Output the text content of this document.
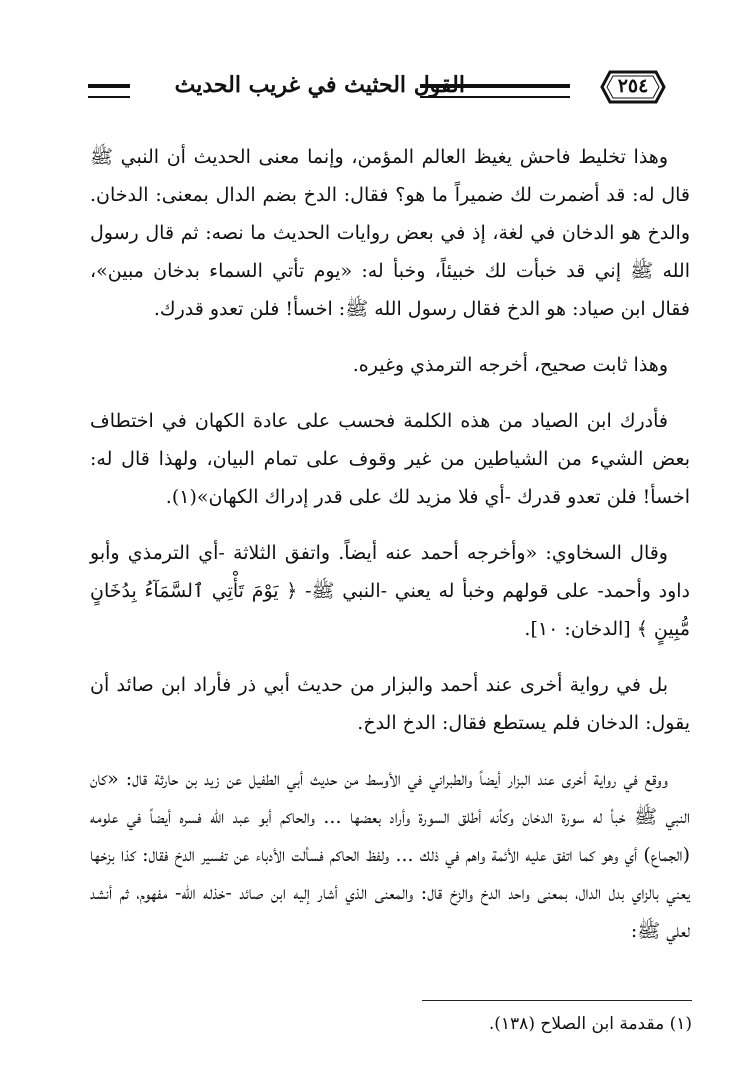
القول الحثيث في غريب الحديث	٢٥٤

وهذا تخليط فاحش يغيظ العالم المؤمن، وإنما معنى الحديث أن النبي ﷺ قال له: قد أضمرت لك ضميراً ما هو؟ فقال: الدخ بضم الدال بمعنى: الدخان. والدخ هو الدخان في لغة، إذ في بعض روايات الحديث ما نصه: ثم قال رسول الله ﷺ إني قد خبأت لك خبيئاً، وخبأ له: «يوم تأتي السماء بدخان مبين»، فقال ابن صياد: هو الدخ فقال رسول الله ﷺ: اخسأ! فلن تعدو قدرك.

وهذا ثابت صحيح، أخرجه الترمذي وغيره.

فأدرك ابن الصياد من هذه الكلمة فحسب على عادة الكهان في اختطاف بعض الشيء من الشياطين من غير وقوف على تمام البيان، ولهذا قال له: اخسأ! فلن تعدو قدرك -أي فلا مزيد لك على قدر إدراك الكهان»(١).

وقال السخاوي: «وأخرجه أحمد عنه أيضاً. واتفق الثلاثة -أي الترمذي وأبو داود وأحمد- على قولهم وخبأ له يعني -النبي ﷺ- ﴿ يَوْمَ تَأْتِي ٱلسَّمَآءُ بِدُخَانٍ مُّبِينٍ ﴾ [الدخان: ١٠].

بل في رواية أخرى عند أحمد والبزار من حديث أبي ذر فأراد ابن صائد أن يقول: الدخان فلم يستطع فقال: الدخ الدخ.

ووقع في رواية أخرى عند البزار أيضاً والطبراني في الأوسط من حديث أبي الطفيل عن زيد بن حارثة قال: «كان النبي ﷺ خبأ له سورة الدخان وكأنه أطلق السورة وأراد بعضها ... والحاكم أبو عبد الله فسره أيضاً في علومه (الجماع) أي وهو كما اتفق عليه الأئمة واهم في ذلك ... ولفظ الحاكم فسألت الأدباء عن تفسير الدخ فقال: كذا بزخها يعني بالزاي بدل الدال، بمعنى واحد الدخ والزخ قال: والمعنى الذي أشار إليه ابن صائد -خذله الله- مفهوم، ثم أنشد لعلي ﷺ:

(١) مقدمة ابن الصلاح (١٣٨).
